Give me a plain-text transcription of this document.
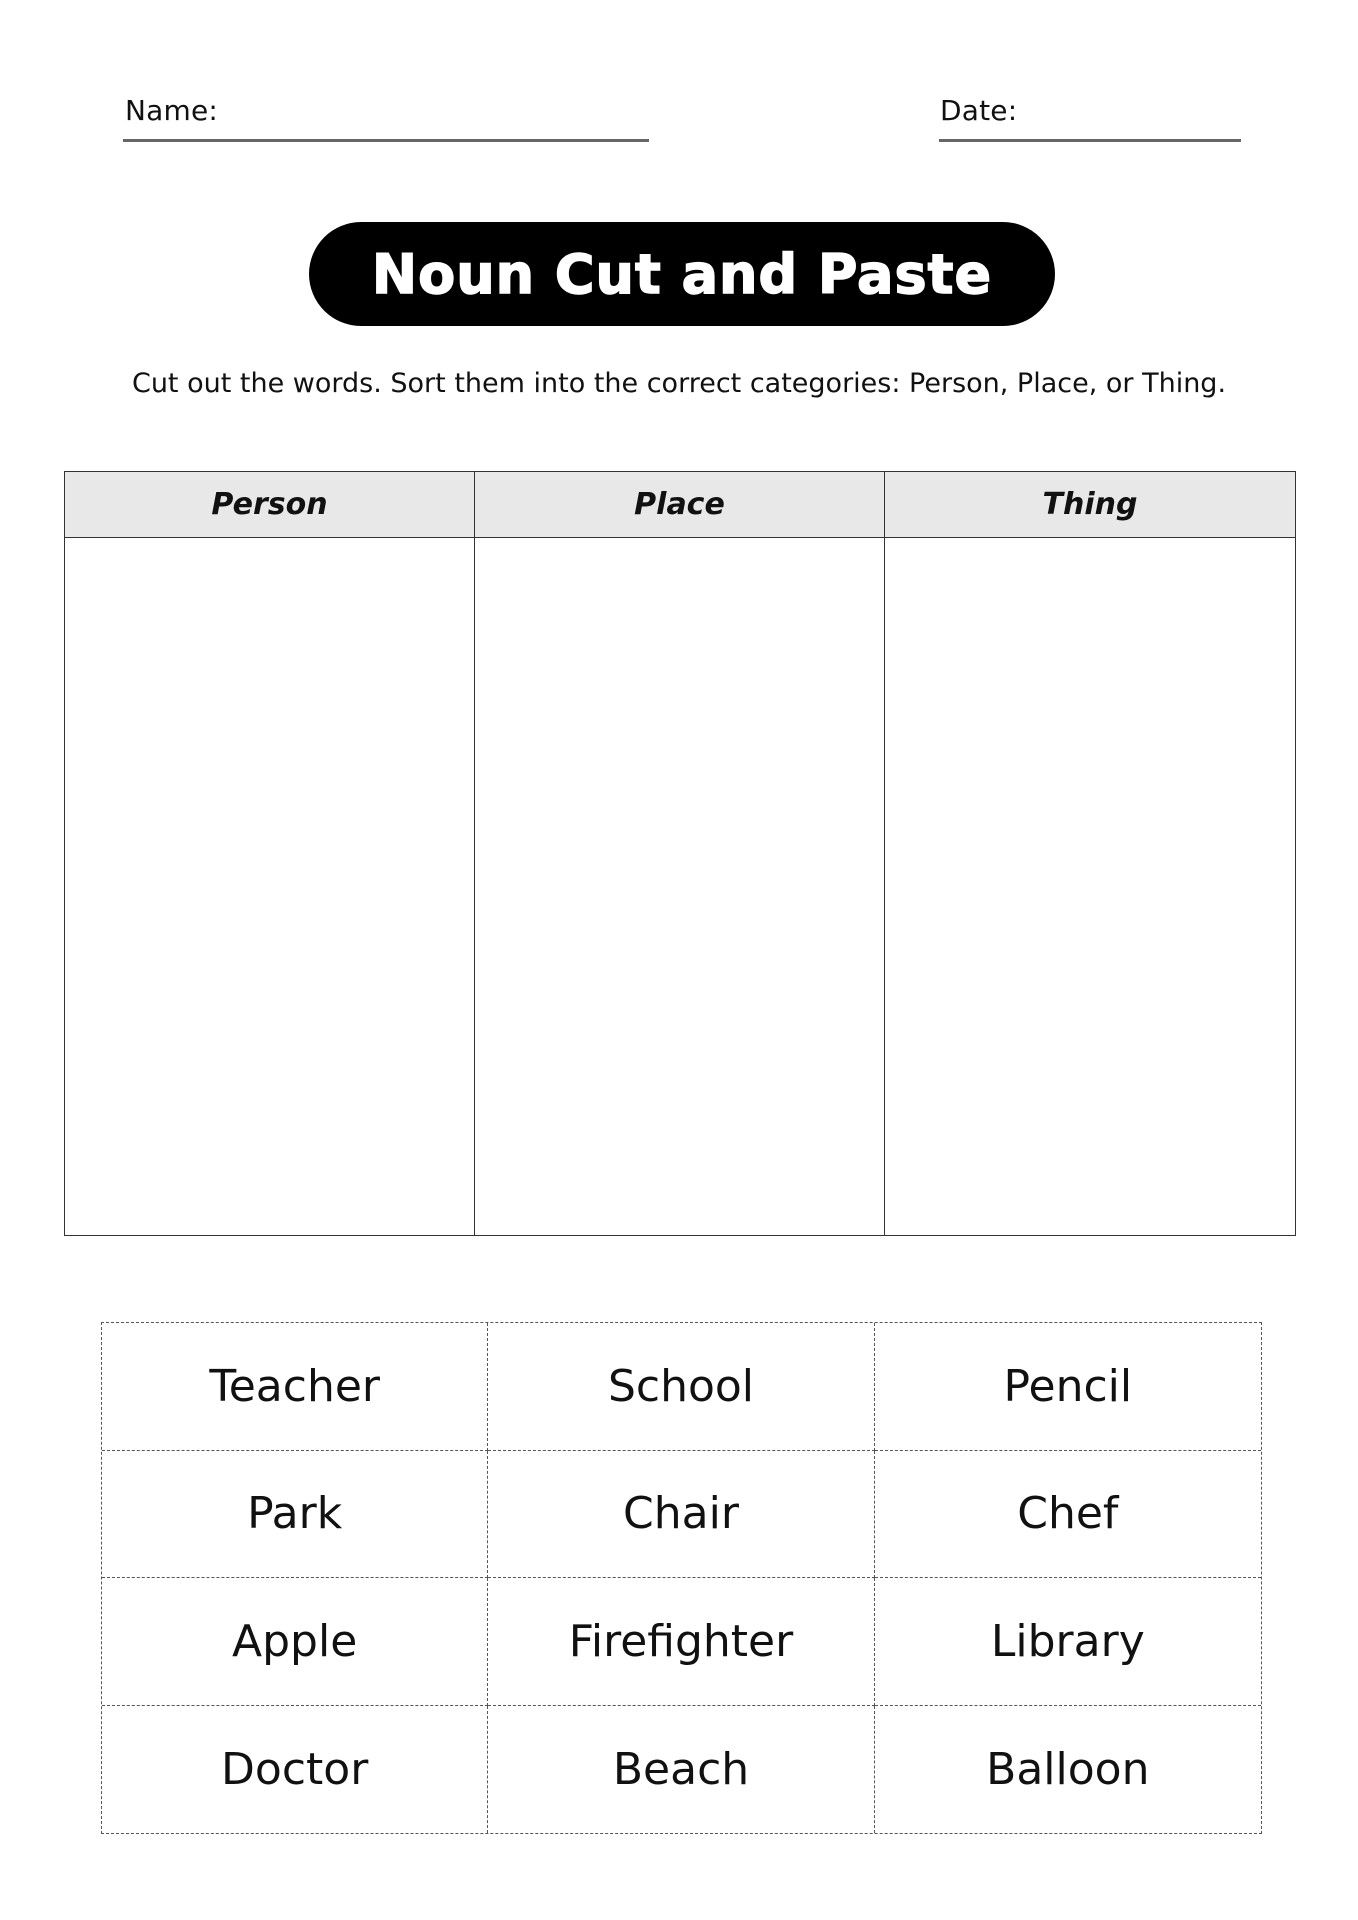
Name:	Date:
Noun Cut and Paste
Cut out the words. Sort them into the correct categories: Person, Place, or Thing.
Person	Place	Thing
Teacher	School	Pencil
Park	Chair	Chef
Apple	Firefighter	Library
Doctor	Beach	Balloon
